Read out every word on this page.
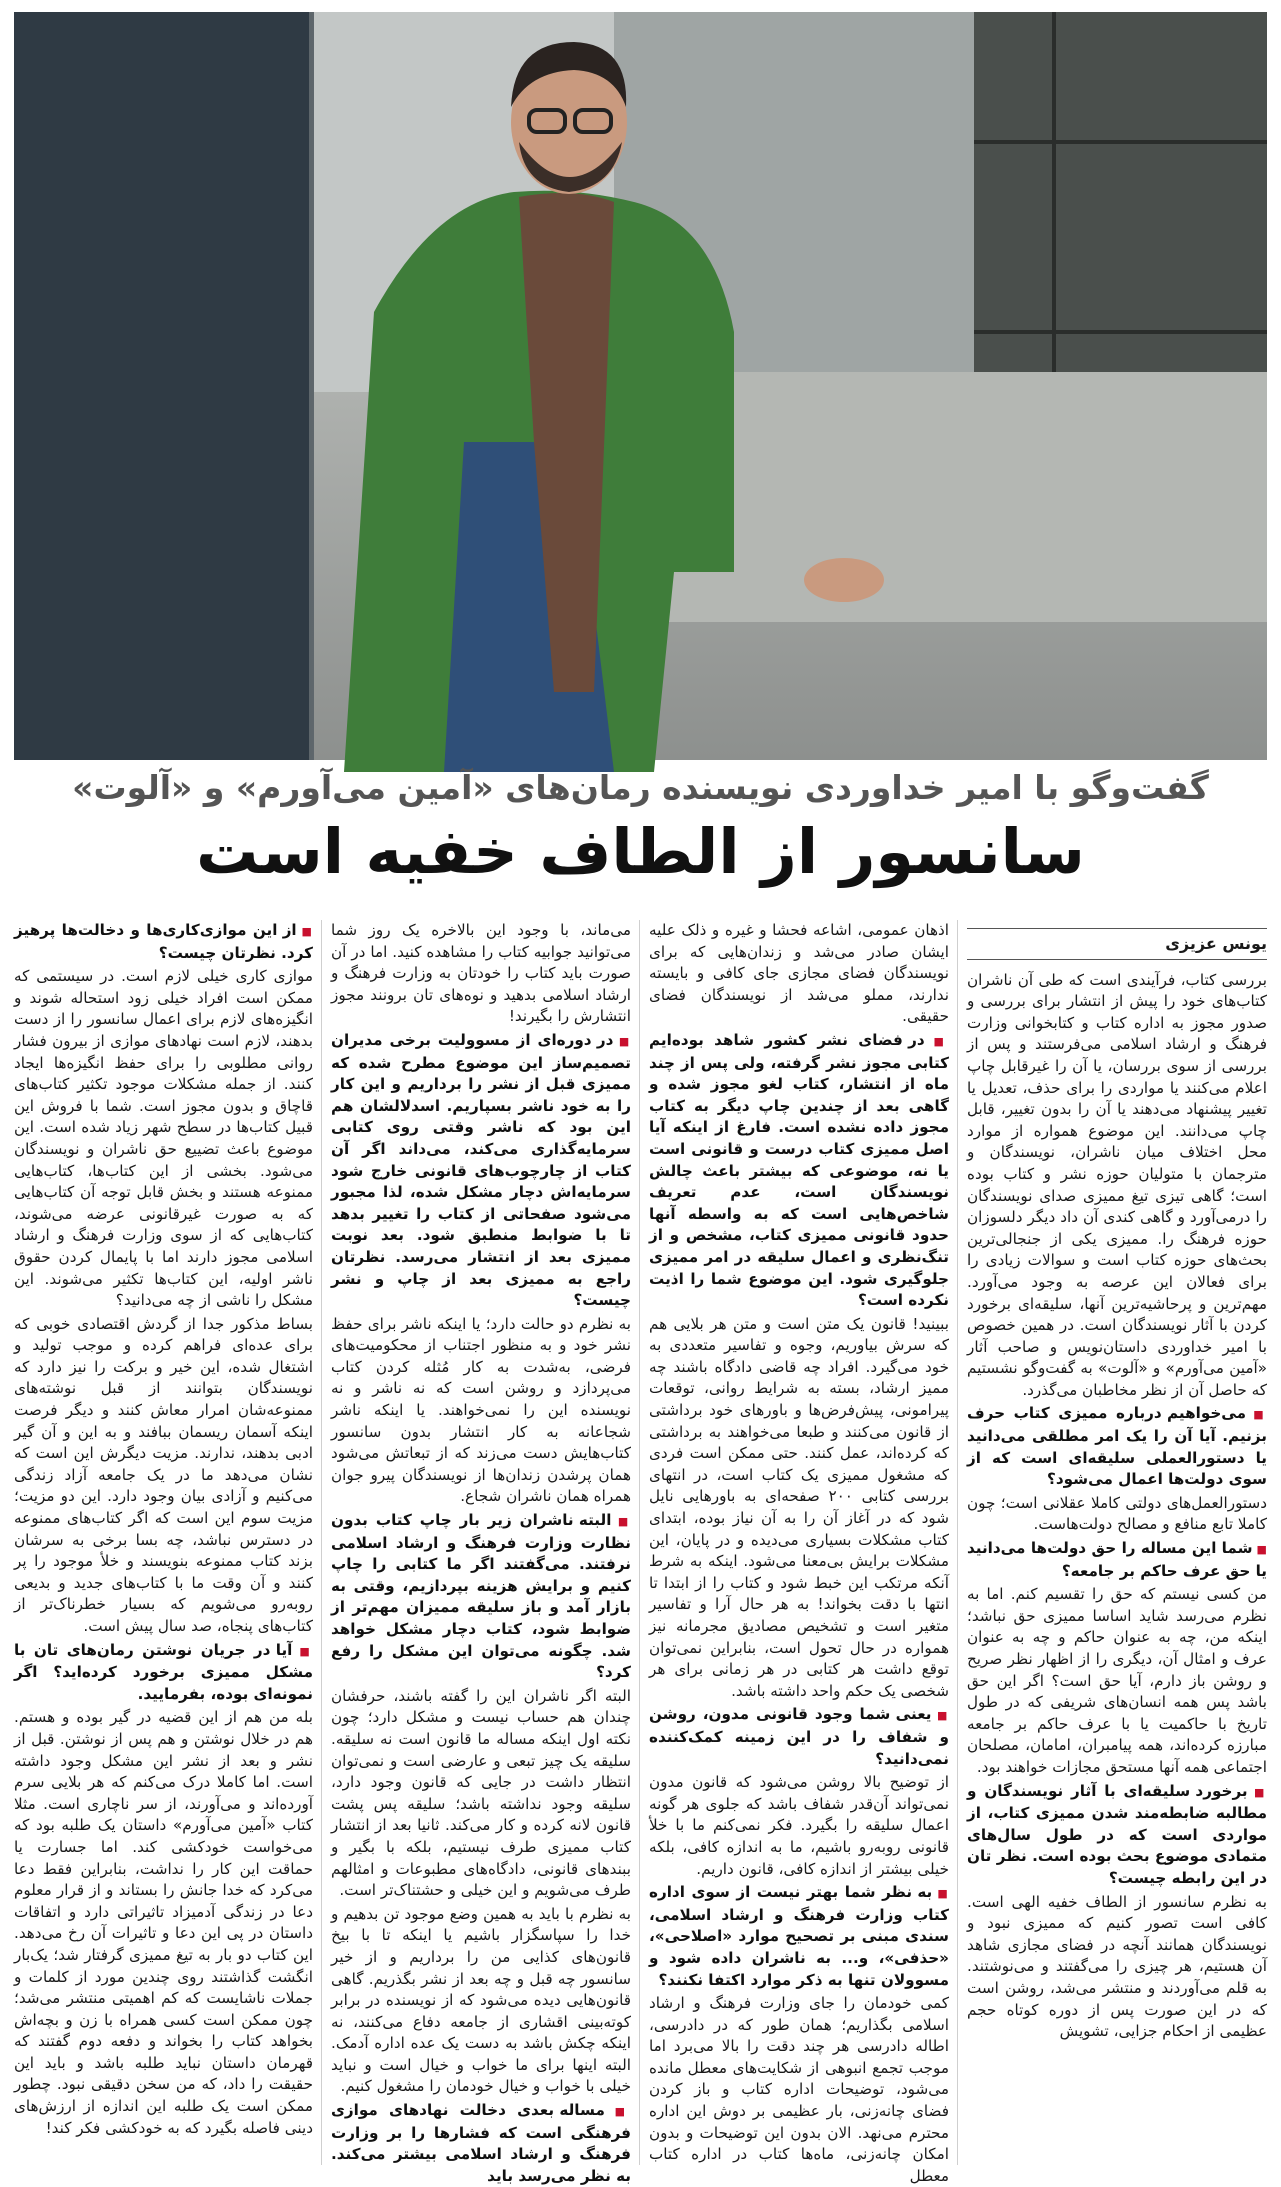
گفت‌وگو با امیر خداوردی نویسنده رمان‌های «آمین می‌آورم» و «آلوت»
سانسور از الطاف خفیه است
یونس عزیزی

بررسی کتاب، فرآیندی است که طی آن ناشران کتاب‌های خود را پیش از انتشار برای بررسی و صدور مجوز به اداره کتاب و کتابخوانی وزارت فرهنگ و ارشاد اسلامی می‌فرستند و پس از بررسی از سوی بررسان، یا آن را غیرقابل چاپ اعلام می‌کنند یا مواردی را برای حذف، تعدیل یا تغییر پیشنهاد می‌دهند یا آن را بدون تغییر، قابل چاپ می‌دانند. این موضوع همواره از موارد محل اختلاف میان ناشران، نویسندگان و مترجمان با متولیان حوزه نشر و کتاب بوده است؛ گاهی تیزی تیغ ممیزی صدای نویسندگان را درمی‌آورد و گاهی کندی آن داد دیگر دلسوزان حوزه فرهنگ را. ممیزی یکی از جنجالی‌ترین بحث‌های حوزه کتاب است و سوالات زیادی را برای فعالان این عرصه به وجود می‌آورد. مهم‌ترین و پرحاشیه‌ترین آنها، سلیقه‌ای برخورد کردن با آثار نویسندگان است. در همین خصوص با امیر خداوردی داستان‌نویس و صاحب آثار «آمین می‌آورم» و «آلوت» به گفت‌وگو نشستیم که حاصل آن از نظر مخاطبان می‌گذرد.

■ می‌خواهیم درباره ممیزی کتاب حرف بزنیم. آیا آن را یک امر مطلقی می‌دانید یا دستورالعملی سلیقه‌ای است که از سوی دولت‌ها اعمال می‌شود؟

دستورالعمل‌های دولتی کاملا عقلانی است؛ چون کاملا تابع منافع و مصالح دولت‌هاست.

■ شما این مساله را حق دولت‌ها می‌دانید یا حق عرف حاکم بر جامعه؟

من کسی نیستم که حق را تقسیم کنم. اما به نظرم می‌رسد شاید اساسا ممیزی حق نباشد؛ اینکه من، چه به عنوان حاکم و چه به عنوان عرف و امثال آن، دیگری را از اظهار نظر صریح و روشن باز دارم، آیا حق است؟ اگر این حق باشد پس همه انسان‌های شریفی که در طول تاریخ با حاکمیت یا با عرف حاکم بر جامعه مبارزه کرده‌اند، همه پیامبران، امامان، مصلحان اجتماعی همه آنها مستحق مجازات خواهند بود.

■ برخورد سلیقه‌ای با آثار نویسندگان و مطالبه ضابطه‌مند شدن ممیزی کتاب، از مواردی است که در طول سال‌های متمادی موضوع بحث بوده است. نظر تان در این رابطه چیست؟

به نظرم سانسور از الطاف خفیه الهی است. کافی است تصور کنیم که ممیزی نبود و نویسندگان همانند آنچه در فضای مجازی شاهد آن هستیم، هر چیزی را می‌گفتند و می‌نوشتند. به قلم می‌آوردند و منتشر می‌شد، روشن است که در این صورت پس از دوره کوتاه حجم عظیمی از احکام جزایی، تشویش

اذهان عمومی، اشاعه فحشا و غیره و ذلک علیه ایشان صادر می‌شد و زندان‌هایی که برای نویسندگان فضای مجازی جای کافی و بایسته ندارند، مملو می‌شد از نویسندگان فضای حقیقی.

■ در فضای نشر کشور شاهد بوده‌ایم کتابی مجوز نشر گرفته، ولی پس از چند ماه از انتشار، کتاب لغو مجوز شده و گاهی بعد از چندین چاپ دیگر به کتاب مجوز داده نشده است. فارغ از اینکه آیا اصل ممیزی کتاب درست و قانونی است یا نه، موضوعی که بیشتر باعث چالش نویسندگان است، عدم تعریف شاخص‌هایی است که به واسطه آنها حدود قانونی ممیزی کتاب، مشخص و از تنگ‌نظری و اعمال سلیقه در امر ممیزی جلوگیری شود. این موضوع شما را اذیت نکرده است؟

ببینید! قانون یک متن است و متن هر بلایی هم که سرش بیاوریم، وجوه و تفاسیر متعددی به خود می‌گیرد. افراد چه قاضی دادگاه باشند چه ممیز ارشاد، بسته به شرایط روانی، توقعات پیرامونی، پیش‌فرض‌ها و باورهای خود برداشتی از قانون می‌کنند و طبعا می‌خواهند به برداشتی که کرده‌اند، عمل کنند. حتی ممکن است فردی که مشغول ممیزی یک کتاب است، در انتهای بررسی کتابی ۲۰۰ صفحه‌ای به باورهایی نایل شود که در آغاز آن را به آن نیاز بوده، ابتدای کتاب مشکلات بسیاری می‌دیده و در پایان، این مشکلات برایش بی‌معنا می‌شود. اینکه به شرط آنکه مرتکب این خبط شود و کتاب را از ابتدا تا انتها با دقت بخواند! به هر حال آرا و تفاسیر متغیر است و تشخیص مصادیق مجرمانه نیز همواره در حال تحول است، بنابراین نمی‌توان توقع داشت هر کتابی در هر زمانی برای هر شخصی یک حکم واحد داشته باشد.

■ یعنی شما وجود قانونی مدون، روشن و شفاف را در این زمینه کمک‌کننده نمی‌دانید؟

از توضیح بالا روشن می‌شود که قانون مدون نمی‌تواند آن‌قدر شفاف باشد که جلوی هر گونه اعمال سلیقه را بگیرد. فکر نمی‌کنم ما با خلأ قانونی روبه‌رو باشیم، ما به اندازه کافی، بلکه خیلی بیشتر از اندازه کافی، قانون داریم.

■ به نظر شما بهتر نیست از سوی اداره کتاب وزارت فرهنگ و ارشاد اسلامی، سندی مبنی بر تصحیح موارد «اصلاحی»، «حذفی»، و... به ناشران داده شود و مسوولان تنها به ذکر موارد اکتفا نکنند؟

کمی خودمان را جای وزارت فرهنگ و ارشاد اسلامی بگذاریم؛ همان طور که در دادرسی، اطاله دادرسی هر چند دقت را بالا می‌برد اما موجب تجمع انبوهی از شکایت‌های معطل مانده می‌شود، توضیحات اداره کتاب و باز کردن فضای چانه‌زنی، بار عظیمی بر دوش این اداره محترم می‌نهد. الان بدون این توضیحات و بدون امکان چانه‌زنی، ماه‌ها کتاب در اداره کتاب معطل

می‌ماند، با وجود این بالاخره یک روز شما می‌توانید جوابیه کتاب را مشاهده کنید. اما در آن صورت باید کتاب را خودتان به وزارت فرهنگ و ارشاد اسلامی بدهید و نوه‌های تان برونند مجوز انتشارش را بگیرند!

■ در دوره‌ای از مسوولیت برخی مدیران تصمیم‌ساز این موضوع مطرح شده که ممیزی قبل از نشر را برداریم و این کار را به خود ناشر بسپاریم. اسدلالشان هم این بود که ناشر وقتی روی کتابی سرمایه‌گذاری می‌کند، می‌داند اگر آن کتاب از چارچوب‌های قانونی خارج شود سرمایه‌اش دچار مشکل شده، لذا مجبور می‌شود صفحاتی از کتاب را تغییر بدهد تا با ضوابط منطبق شود. بعد نوبت ممیزی بعد از انتشار می‌رسد. نظرتان راجع به ممیزی بعد از چاپ و نشر چیست؟

به نظرم دو حالت دارد؛ یا اینکه ناشر برای حفظ نشر خود و به منظور اجتناب از محکومیت‌های فرضی، به‌شدت به کار مُثله کردن کتاب می‌پردازد و روشن است که نه ناشر و نه نویسنده این را نمی‌خواهند. یا اینکه ناشر شجاعانه به کار انتشار بدون سانسور کتاب‌هایش دست می‌زند که از تبعاتش می‌شود همان پرشدن زندان‌ها از نویسندگان پیرو جوان همراه همان ناشران شجاع.

■ البته ناشران زیر بار چاپ کتاب بدون نظارت وزارت فرهنگ و ارشاد اسلامی نرفتند. می‌گفتند اگر ما کتابی را چاپ کنیم و برایش هزینه بپردازیم، وقتی به بازار آمد و باز سلیقه ممیزان مهم‌تر از ضوابط شود، کتاب دچار مشکل خواهد شد. چگونه می‌توان این مشکل را رفع کرد؟

البته اگر ناشران این را گفته باشند، حرفشان چندان هم حساب نیست و مشکل دارد؛ چون نکته اول اینکه مساله ما قانون است نه سلیقه. سلیقه یک چیز تبعی و عارضی است و نمی‌توان انتظار داشت در جایی که قانون وجود دارد، سلیقه وجود نداشته باشد؛ سلیقه پس پشت قانون لانه کرده و کار می‌کند. ثانیا بعد از انتشار کتاب ممیزی طرف نیستیم، بلکه با بگیر و ببندهای قانونی، دادگاه‌های مطبوعات و امثالهم طرف می‌شویم و این خیلی و حشتناک‌تر است.

به نظرم با باید به همین وضع موجود تن بدهیم و خدا را سپاسگزار باشیم یا اینکه تا با بیخ قانون‌های کذایی من را برداریم و از خیر سانسور چه قبل و چه بعد از نشر بگذریم. گاهی قانون‌هایی دیده می‌شود که از نویسنده در برابر کوته‌بینی اقشاری از جامعه دفاع می‌کنند، نه اینکه چکش باشد به دست یک عده اداره آدمک. البته اینها برای ما خواب و خیال است و نباید خیلی با خواب و خیال خودمان را مشغول کنیم.

■ مساله بعدی دخالت نهادهای موازی فرهنگی است که فشارها را بر وزارت فرهنگ و ارشاد اسلامی بیشتر می‌کند. به نظر می‌رسد باید

■ از این موازی‌کاری‌ها و دخالت‌ها پرهیز کرد. نظرتان چیست؟

موازی کاری خیلی لازم است. در سیستمی که ممکن است افراد خیلی زود استحاله شوند و انگیزه‌های لازم برای اعمال سانسور را از دست بدهند، لازم است نهادهای موازی از بیرون فشار روانی مطلوبی را برای حفظ انگیزه‌ها ایجاد کنند. از جمله مشکلات موجود تکثیر کتاب‌های قاچاق و بدون مجوز است. شما با فروش این قبیل کتاب‌ها در سطح شهر زیاد شده است. این موضوع باعث تضییع حق ناشران و نویسندگان می‌شود. بخشی از این کتاب‌ها، کتاب‌هایی ممنوعه هستند و بخش قابل توجه آن کتاب‌هایی که به صورت غیرقانونی عرضه می‌شوند، کتاب‌هایی که از سوی وزارت فرهنگ و ارشاد اسلامی مجوز دارند اما با پایمال کردن حقوق ناشر اولیه، این کتاب‌ها تکثیر می‌شوند. این مشکل را ناشی از چه می‌دانید؟

بساط مذکور جدا از گردش اقتصادی خوبی که برای عده‌ای فراهم کرده و موجب تولید و اشتغال شده، این خیر و برکت را نیز دارد که نویسندگان بتوانند از قبل نوشته‌های ممنوعه‌شان امرار معاش کنند و دیگر فرصت اینکه آسمان ریسمان ببافند و به این و آن گیر ادبی بدهند، ندارند. مزیت دیگرش این است که نشان می‌دهد ما در یک جامعه آزاد زندگی می‌کنیم و آزادی بیان وجود دارد. این دو مزیت؛ مزیت سوم این است که اگر کتاب‌های ممنوعه در دسترس نباشد، چه بسا برخی به سرشان بزند کتاب ممنوعه بنویسند و خلأ موجود را پر کنند و آن وقت ما با کتاب‌های جدید و بدیعی روبه‌رو می‌شویم که بسیار خطرناک‌تر از کتاب‌های پنجاه، صد سال پیش است.

■ آیا در جریان نوشتن رمان‌های تان با مشکل ممیزی برخورد کرده‌اید؟ اگر نمونه‌ای بوده، بفرمایید.

بله من هم از این قضیه در گیر بوده و هستم. هم در خلال نوشتن و هم پس از نوشتن. قبل از نشر و بعد از نشر این مشکل وجود داشته است. اما کاملا درک می‌کنم که هر بلایی سرم آورده‌اند و می‌آورند، از سر ناچاری است. مثلا کتاب «آمین می‌آورم» داستان یک طلبه بود که می‌خواست خودکشی کند. اما جسارت یا حماقت این کار را نداشت، بنابراین فقط دعا می‌کرد که خدا جانش را بستاند و از قرار معلوم دعا در زندگی آدمیزاد تاثیراتی دارد و اتفاقات داستان در پی این دعا و تاثیرات آن رخ می‌دهد. این کتاب دو بار به تیغ ممیزی گرفتار شد؛ یک‌بار انگشت گذاشتند روی چندین مورد از کلمات و جملات ناشایست که کم اهمیتی منتشر می‌شد؛ چون ممکن است کسی همراه با زن و بچه‌اش بخواهد کتاب را بخواند و دفعه دوم گفتند که قهرمان داستان نباید طلبه باشد و باید این حقیقت را داد، که من سخن دقیقی نبود. چطور ممکن است یک طلبه این اندازه از ارزش‌های دینی فاصله بگیرد که به خودکشی فکر کند!
